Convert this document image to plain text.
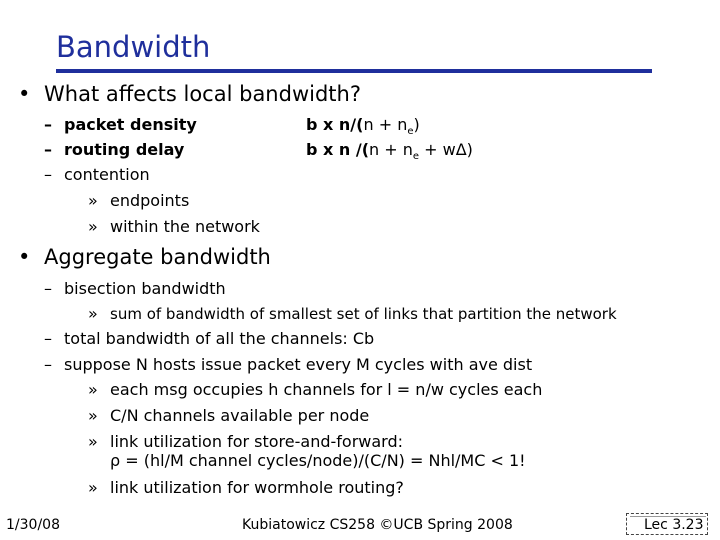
Bandwidth
• What affects local bandwidth?
– packet density
– routing delay
– contention
» endpoints
» within the network
b x $n/(n + n_e)$
b x n $/(n + n_e + w\Delta)$
• Aggregate bandwidth
– bisection bandwidth
» sum of bandwidth of smallest set of links that partition the network
– total bandwidth of all the channels: Cb
– suppose N hosts issue packet every M cycles with ave dist
» each msg occupies h channels for l = n/w cycles each
» C/N channels available per node
» link utilization for store-and-forward:
ρ = (hl/M channel cycles/node)/(C/N) = Nhl/MC < 1!
» link utilization for wormhole routing?
1/30/08	Kubiatowicz CS258 ©UCB Spring 2008	Lec 3.23
